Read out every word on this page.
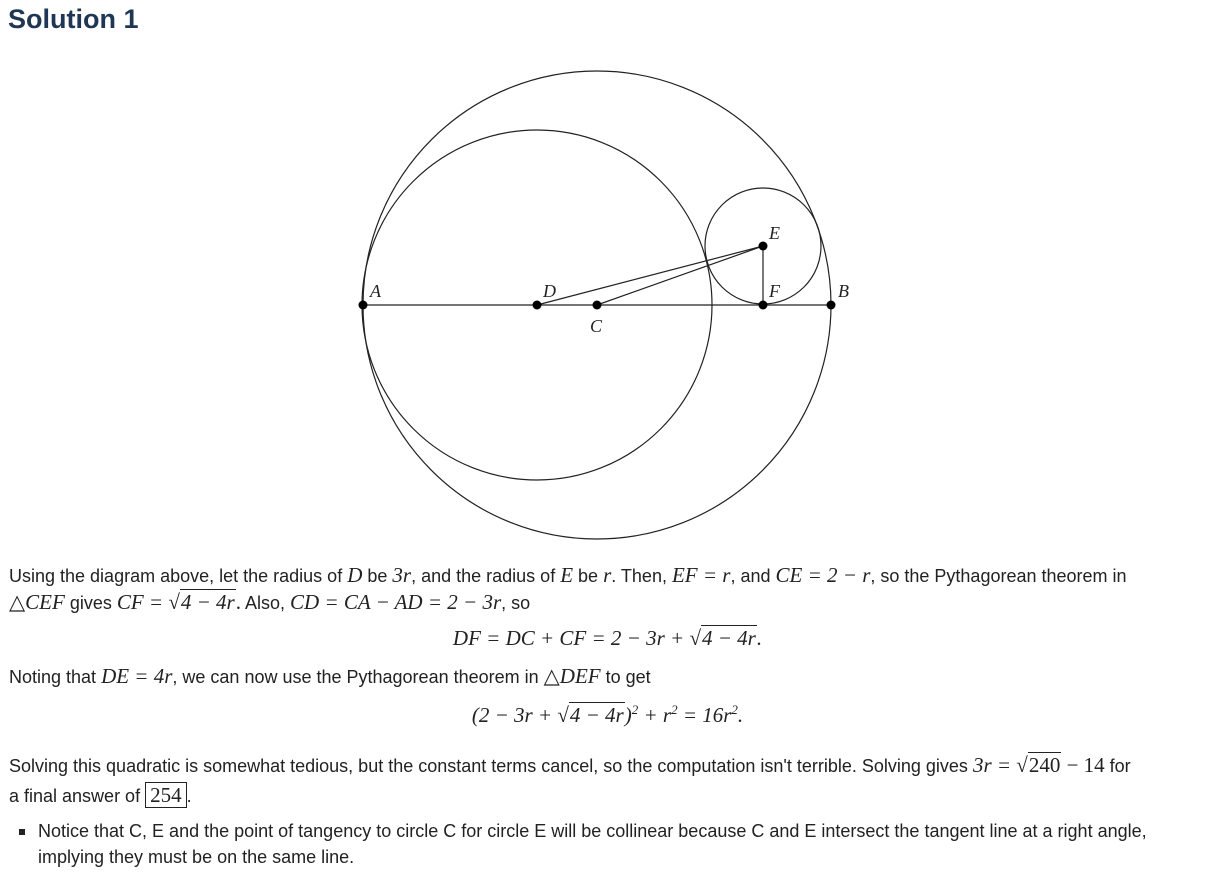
Solution 1
A	D
C
E
F	B
Using the diagram above, let the radius of D be 3r, and the radius of E be r. Then, EF = r, and CE = 2 − r, so the Pythagorean theorem in
△CEF gives CF = √4 − 4r. Also, CD = CA − AD = 2 − 3r, so
DF = DC + CF = 2 − 3r + √4 − 4r.
Noting that DE = 4r, we can now use the Pythagorean theorem in △DEF to get
$(2 - 3r + √4 - 4r)^2 + r^2 = 16r^2$.
Solving this quadratic is somewhat tedious, but the constant terms cancel, so the computation isn't terrible. Solving gives 3r = √240 − 14 for
a final answer of 254 .
Notice that C, E and the point of tangency to circle C for circle E will be collinear because C and E intersect the tangent line at a right angle, implying they must be on the same line.
